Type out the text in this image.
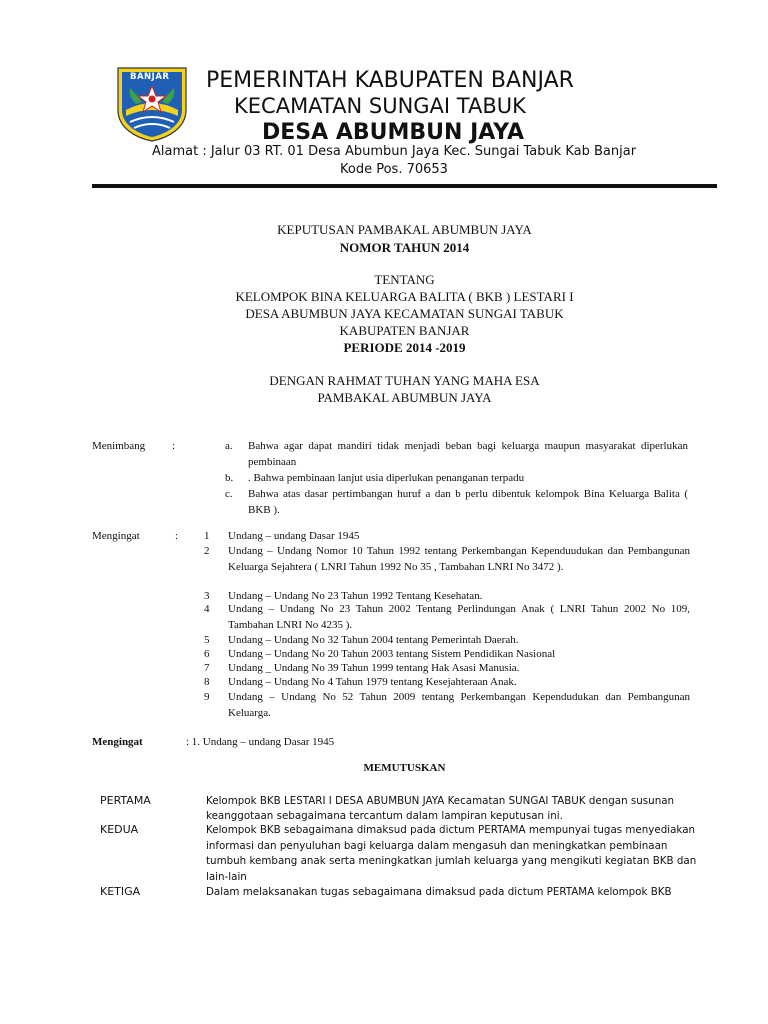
BANJAR PEMERINTAH KABUPATEN BANJAR
KECAMATAN SUNGAI TABUK
DESA ABUMBUN JAYA
Alamat : Jalur 03 RT. 01 Desa Abumbun Jaya Kec. Sungai Tabuk Kab Banjar
Kode Pos. 70653
KEPUTUSAN PAMBAKAL ABUMBUN JAYA
NOMOR TAHUN 2014
TENTANG
KELOMPOK BINA KELUARGA BALITA ( BKB ) LESTARI I
DESA ABUMBUN JAYA KECAMATAN SUNGAI TABUK
KABUPATEN BANJAR
PERIODE 2014 -2019
DENGAN RAHMAT TUHAN YANG MAHA ESA
PAMBAKAL ABUMBUN JAYA
Menimbang :	a. Bahwa agar dapat mandiri tidak menjadi beban bagi keluarga maupun masyarakat diperlukan pembinaan
b. . Bahwa pembinaan lanjut usia diperlukan penanganan terpadu
c. Bahwa atas dasar pertimbangan huruf a dan b perlu dibentuk kelompok Bina Keluarga Balita ( BKB ).
Mengingat	: 1 Undang – undang Dasar 1945
2 Undang – Undang Nomor 10 Tahun 1992 tentang Perkembangan Kependuudukan dan Pembangunan Keluarga Sejahtera ( LNRI Tahun 1992 No 35 , Tambahan LNRI No 3472 ).
3 Undang – Undang No 23 Tahun 1992 Tentang Kesehatan.
4 Undang – Undang No 23 Tahun 2002 Tentang Perlindungan Anak ( LNRI Tahun 2002 No 109, Tambahan LNRI No 4235 ).
5 Undang – Undang No 32 Tahun 2004 tentang Pemerintah Daerah.
6 Undang – Undang No 20 Tahun 2003 tentang Sistem Pendidikan Nasional
7 Undang _ Undang No 39 Tahun 1999 tentang Hak Asasi Manusia.
8 Undang – Undang No 4 Tahun 1979 tentang Kesejahteraan Anak.
9 Undang – Undang No 52 Tahun 2009 tentang Perkembangan Kependudukan dan Pembangunan Keluarga.
Mengingat	: 1. Undang – undang Dasar 1945
MEMUTUSKAN
PERTAMA	Kelompok BKB LESTARI I DESA ABUMBUN JAYA Kecamatan SUNGAI TABUK dengan susunan keanggotaan sebagaimana tercantum dalam lampiran keputusan ini.
KEDUA	Kelompok BKB sebagaimana dimaksud pada dictum PERTAMA mempunyai tugas menyediakan informasi dan penyuluhan bagi keluarga dalam mengasuh dan meningkatkan pembinaan tumbuh kembang anak serta meningkatkan jumlah keluarga yang mengikuti kegiatan BKB dan lain-lain
KETIGA	Dalam melaksanakan tugas sebagaimana dimaksud pada dictum PERTAMA kelompok BKB
